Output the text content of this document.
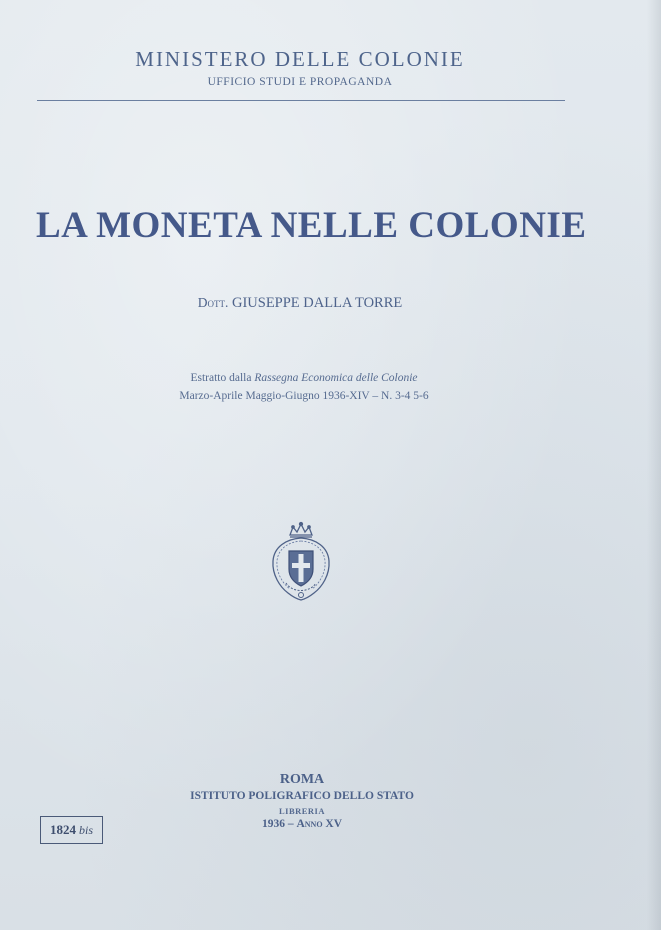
MINISTERO DELLE COLONIE
UFFICIO STUDI E PROPAGANDA
LA MONETA NELLE COLONIE
Dott. GIUSEPPE DALLA TORRE
Estratto dalla Rassegna Economica delle Colonie
Marzo-Aprile Maggio-Giugno 1936-XIV – N. 3-4 5-6
ROMA
ISTITUTO POLIGRAFICO DELLO STATO
LIBRERIA
1936 – Anno XV
1824 bis
